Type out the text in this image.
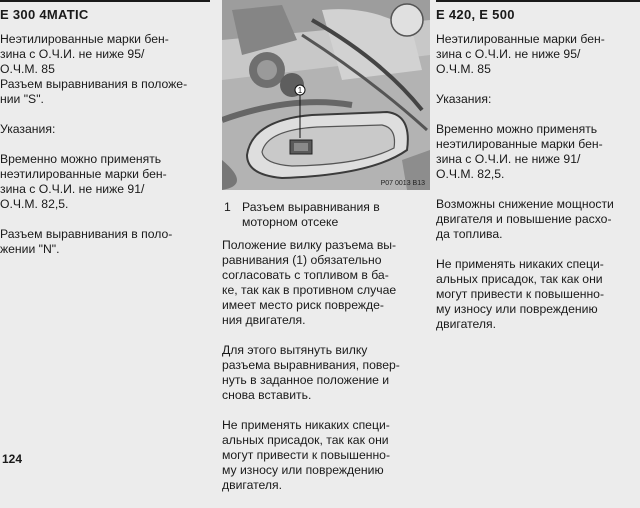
E 300 4MATIC

Неэтилированные марки бен-
зина с О.Ч.И. не ниже 95/
О.Ч.М. 85
Разъем выравнивания в положе-
нии "S".

Указания:

Временно можно применять
неэтилированные марки бен-
зина с О.Ч.И. не ниже 91/
О.Ч.М. 82,5.

Разъем выравнивания в поло-
жении "N".

1
P07 0013 B13
1 Разъем выравнивания в
моторном отсеке

Положение вилку разъема вы-
равнивания (1) обязательно
согласовать с топливом в ба-
ке, так как в противном случае
имеет место риск поврежде-
ния двигателя.

Для этого вытянуть вилку
разъема выравнивания, повер-
нуть в заданное положение и
снова вставить.

Не применять никаких специ-
альных присадок, так как они
могут привести к повышенно-
му износу или повреждению
двигателя.

E 420, E 500

Неэтилированные марки бен-
зина с О.Ч.И. не ниже 95/
О.Ч.М. 85

Указания:

Временно можно применять
неэтилированные марки бен-
зина с О.Ч.И. не ниже 91/
О.Ч.М. 82,5.

Возможны снижение мощности
двигателя и повышение расхо-
да топлива.

Не применять никаких специ-
альных присадок, так как они
могут привести к повышенно-
му износу или повреждению
двигателя.

124
